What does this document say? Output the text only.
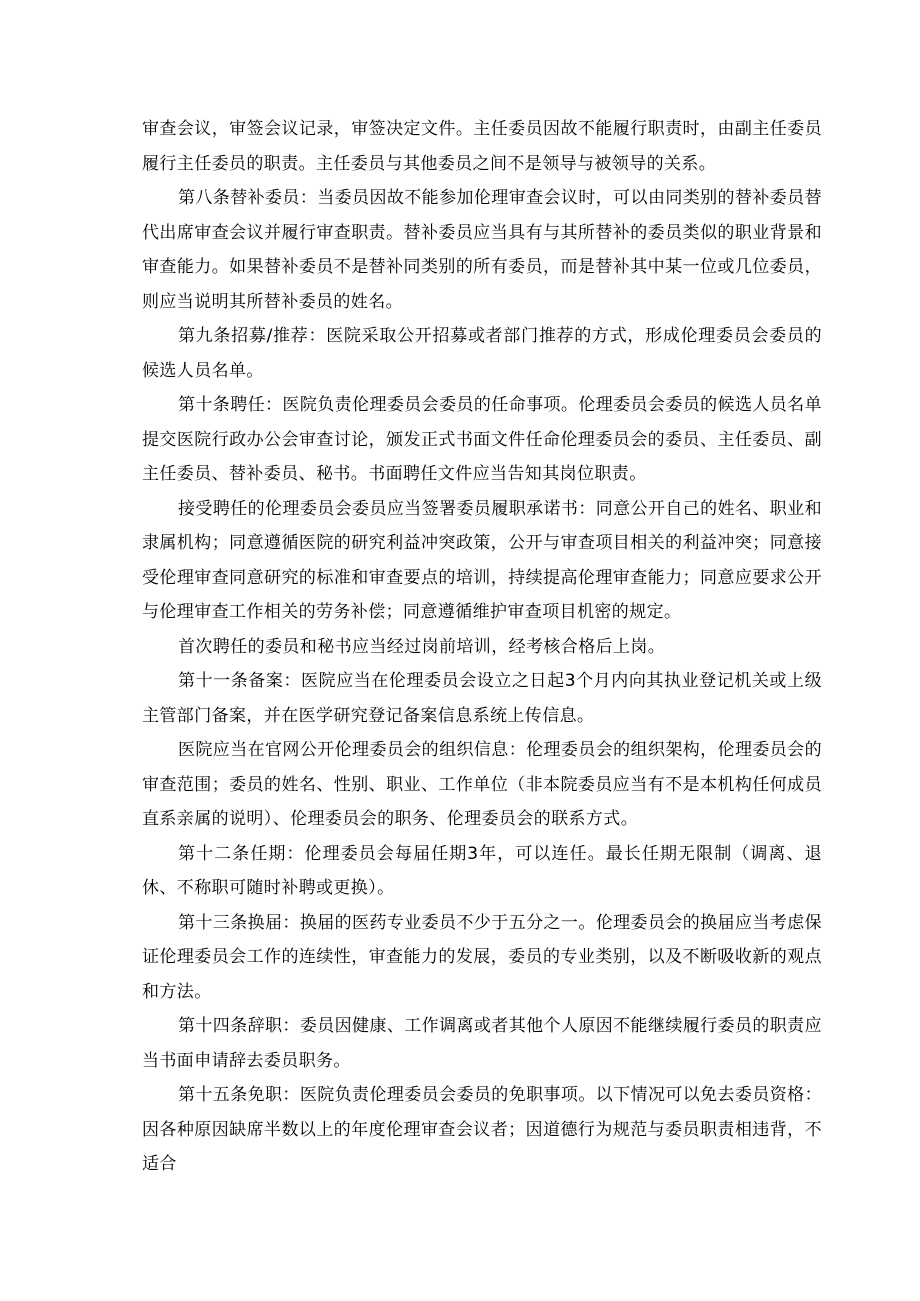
审查会议，审签会议记录，审签决定文件。主任委员因故不能履行职责时，由副主任委员履行主任委员的职责。主任委员与其他委员之间不是领导与被领导的关系。

第八条替补委员：当委员因故不能参加伦理审查会议时，可以由同类别的替补委员替代出席审查会议并履行审查职责。替补委员应当具有与其所替补的委员类似的职业背景和审查能力。如果替补委员不是替补同类别的所有委员，而是替补其中某一位或几位委员，则应当说明其所替补委员的姓名。

第九条招募/推荐：医院采取公开招募或者部门推荐的方式，形成伦理委员会委员的候选人员名单。

第十条聘任：医院负责伦理委员会委员的任命事项。伦理委员会委员的候选人员名单提交医院行政办公会审查讨论，颁发正式书面文件任命伦理委员会的委员、主任委员、副主任委员、替补委员、秘书。书面聘任文件应当告知其岗位职责。

接受聘任的伦理委员会委员应当签署委员履职承诺书：同意公开自己的姓名、职业和隶属机构；同意遵循医院的研究利益冲突政策，公开与审查项目相关的利益冲突；同意接受伦理审查同意研究的标准和审查要点的培训，持续提高伦理审查能力；同意应要求公开与伦理审查工作相关的劳务补偿；同意遵循维护审查项目机密的规定。

首次聘任的委员和秘书应当经过岗前培训，经考核合格后上岗。

第十一条备案：医院应当在伦理委员会设立之日起3个月内向其执业登记机关或上级主管部门备案，并在医学研究登记备案信息系统上传信息。

医院应当在官网公开伦理委员会的组织信息：伦理委员会的组织架构，伦理委员会的审查范围；委员的姓名、性别、职业、工作单位（非本院委员应当有不是本机构任何成员直系亲属的说明）、伦理委员会的职务、伦理委员会的联系方式。

第十二条任期：伦理委员会每届任期3年，可以连任。最长任期无限制（调离、退休、不称职可随时补聘或更换）。

第十三条换届：换届的医药专业委员不少于五分之一。伦理委员会的换届应当考虑保证伦理委员会工作的连续性，审查能力的发展，委员的专业类别，以及不断吸收新的观点和方法。

第十四条辞职：委员因健康、工作调离或者其他个人原因不能继续履行委员的职责应当书面申请辞去委员职务。

第十五条免职：医院负责伦理委员会委员的免职事项。以下情况可以免去委员资格：因各种原因缺席半数以上的年度伦理审查会议者；因道德行为规范与委员职责相违背，不适合
